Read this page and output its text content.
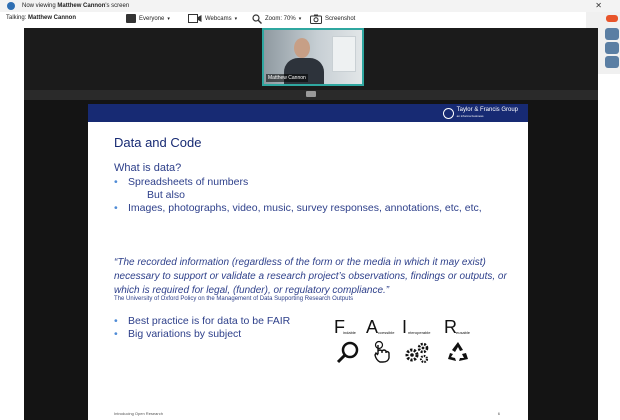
Now viewing Matthew Cannon's screen	✕
Talking: Matthew Cannon	Everyone ▾	Webcams ▾	Zoom: 70% ▾	Screenshot
Matthew Cannon
Taylor & Francis Group
an informa business
Data and Code
What is data?
• Spreadsheets of numbers
But also
• Images, photographs, video, music, survey responses, annotations, etc, etc,
“The recorded information (regardless of the form or the media in which it may exist) necessary to support or validate a research project’s observations, findings or outputs, or which is required for legal, (funder), or regulatory compliance.”
The University of Oxford Policy on the Management of Data Supporting Research Outputs
• Best practice is for data to be FAIR
• Big variations by subject	F
indable A ccessible I nteroperable R eusable
Introducing Open Research	6
